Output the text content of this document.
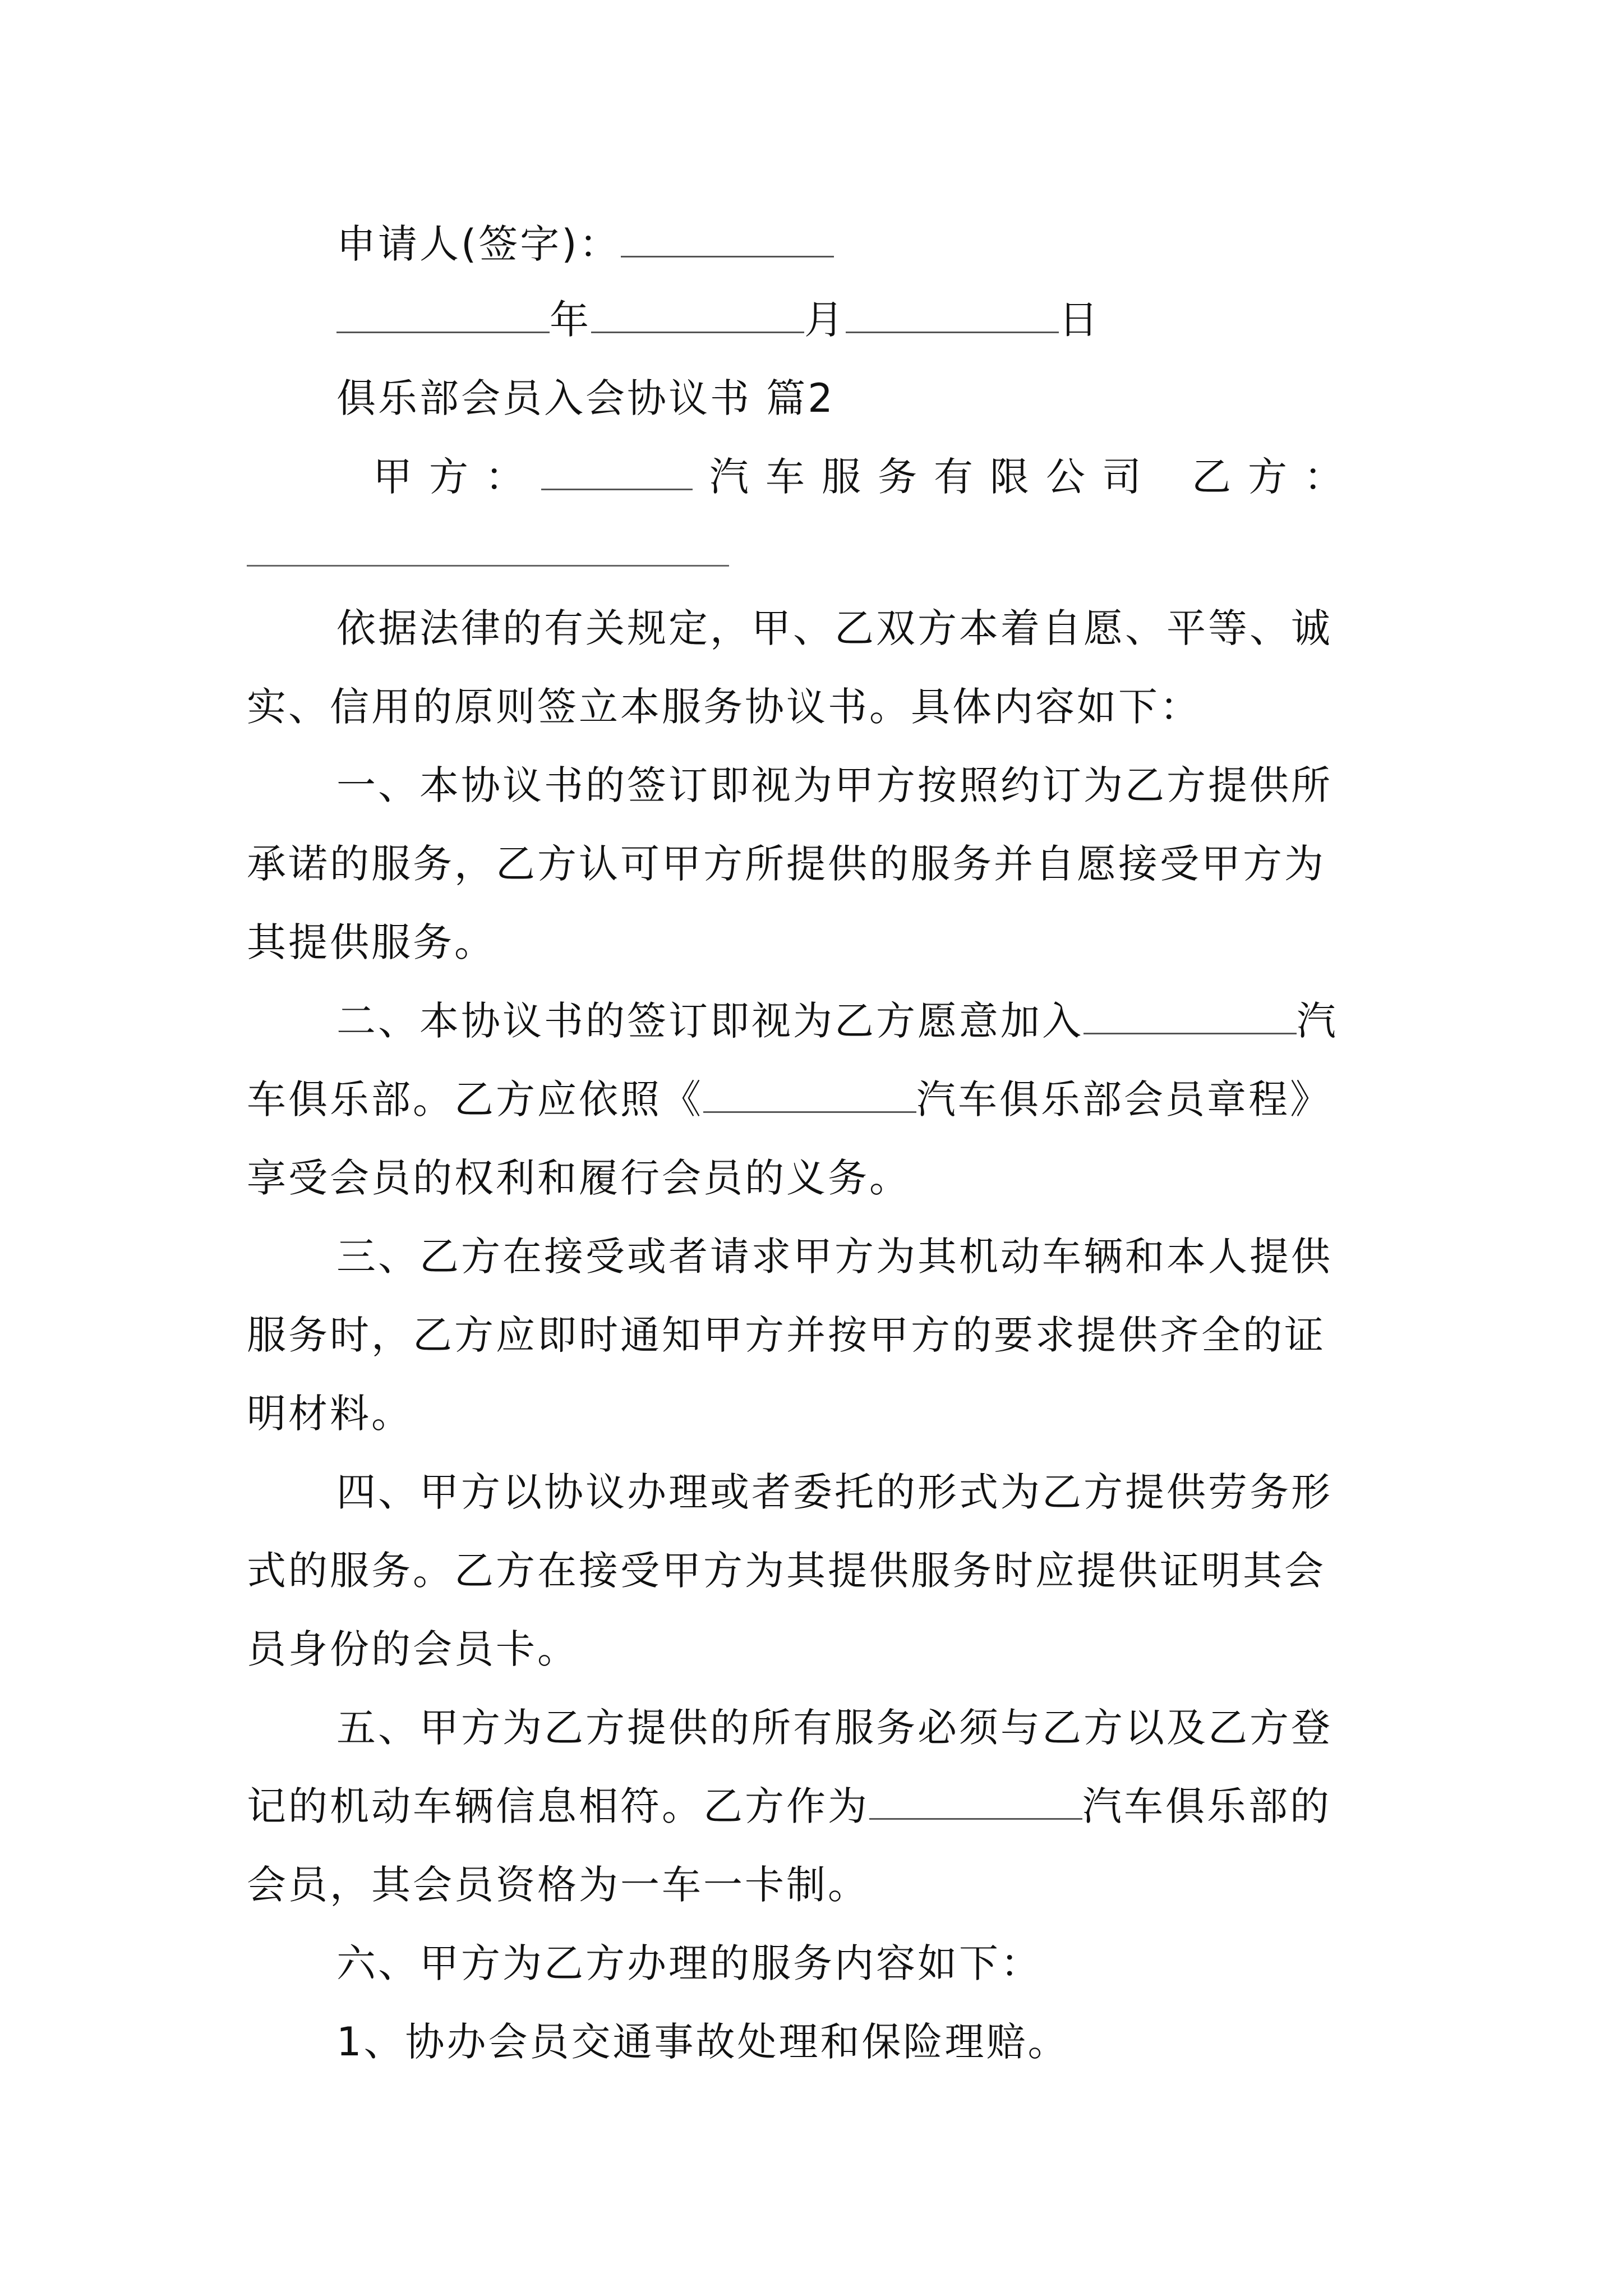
申请人(签字)：
年	月	日
俱乐部会员入会协议书 篇2
甲方：	汽车服务有限公司 乙方：
依据法律的有关规定，甲、乙双方本着自愿、平等、诚
实、信用的原则签立本服务协议书。具体内容如下：
一、本协议书的签订即视为甲方按照约订为乙方提供所
承诺的服务，乙方认可甲方所提供的服务并自愿接受甲方为
其提供服务。
二、本协议书的签订即视为乙方愿意加入	汽
车俱乐部。乙方应依照《	汽车俱乐部会员章程》
享受会员的权利和履行会员的义务。
三、乙方在接受或者请求甲方为其机动车辆和本人提供
服务时，乙方应即时通知甲方并按甲方的要求提供齐全的证
明材料。
四、甲方以协议办理或者委托的形式为乙方提供劳务形
式的服务。乙方在接受甲方为其提供服务时应提供证明其会
员身份的会员卡。
五、甲方为乙方提供的所有服务必须与乙方以及乙方登
记的机动车辆信息相符。乙方作为	汽车俱乐部的
会员，其会员资格为一车一卡制。
六、甲方为乙方办理的服务内容如下：
1、协办会员交通事故处理和保险理赔。
